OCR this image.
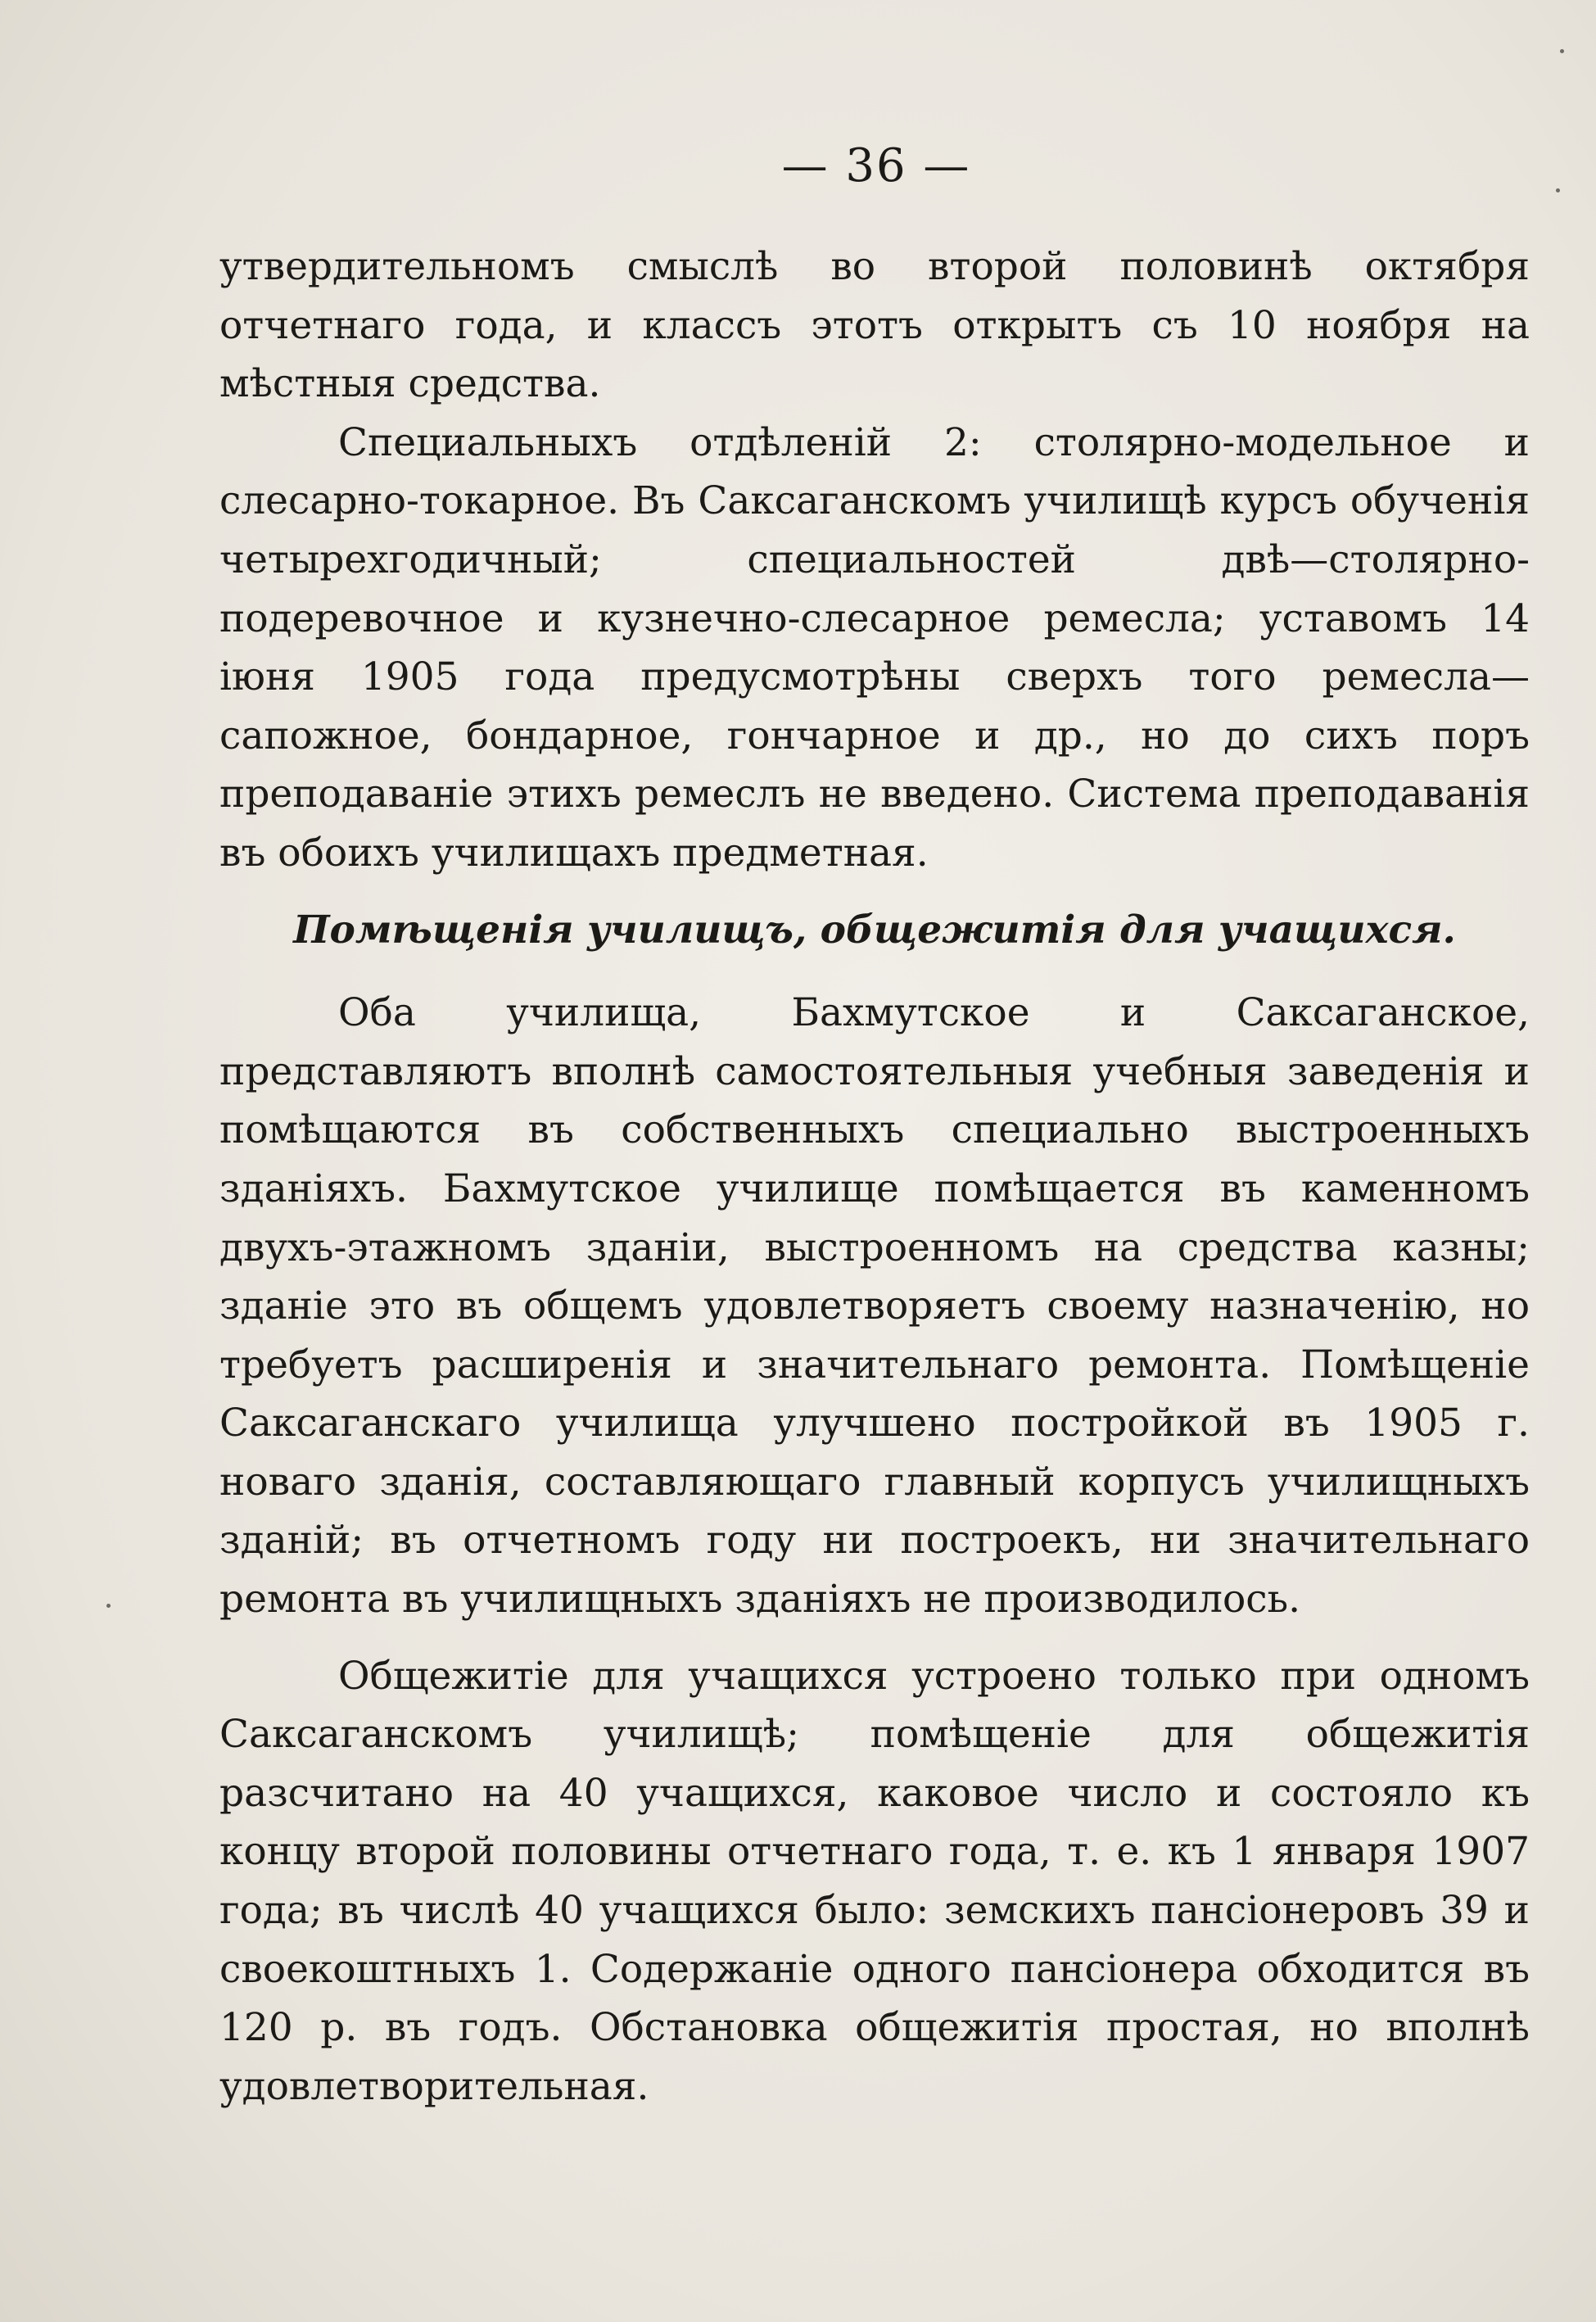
— 36 —

утвердительномъ смыслѣ во второй половинѣ октября отчетнаго года, и классъ этотъ открытъ съ 10 ноября на мѣстныя средства.

Специальныхъ отдѣленiй 2: столярно-модельное и слесарно-токарное. Въ Саксаганскомъ училищѣ курсъ обученiя четырехгодичный; специальностей двѣ—столярно-подеревочное и кузнечно-слесарное ремесла; уставомъ 14 iюня 1905 года предусмотрѣны сверхъ того ремесла—сапожное, бондарное, гончарное и др., но до сихъ поръ преподаванiе этихъ ремеслъ не введено. Система преподаванiя въ обоихъ училищахъ предметная.

Помѣщенiя училищъ, общежитiя для учащихся.

Оба училища, Бахмутское и Саксаганское, представляютъ вполнѣ самостоятельныя учебныя заведенiя и помѣщаются въ собственныхъ специально выстроенныхъ зданiяхъ. Бахмутское училище помѣщается въ каменномъ двухъ-этажномъ зданiи, выстроенномъ на средства казны; зданiе это въ общемъ удовлетворяетъ своему назначенiю, но требуетъ расширенiя и значительнаго ремонта. Помѣщенiе Саксаганскаго училища улучшено постройкой въ 1905 г. новаго зданiя, составляющаго главный корпусъ училищныхъ зданiй; въ отчетномъ году ни построекъ, ни значительнаго ремонта въ училищныхъ зданiяхъ не производилось.

Общежитiе для учащихся устроено только при одномъ Саксаганскомъ училищѣ; помѣщенiе для общежитiя разсчитано на 40 учащихся, каковое число и состояло къ концу второй половины отчетнаго года, т. е. къ 1 января 1907 года; въ числѣ 40 учащихся было: земскихъ пансiонеровъ 39 и своекоштныхъ 1. Содержанiе одного пансiонера обходится въ 120 р. въ годъ. Обстановка общежитiя простая, но вполнѣ удовлетворительная.
